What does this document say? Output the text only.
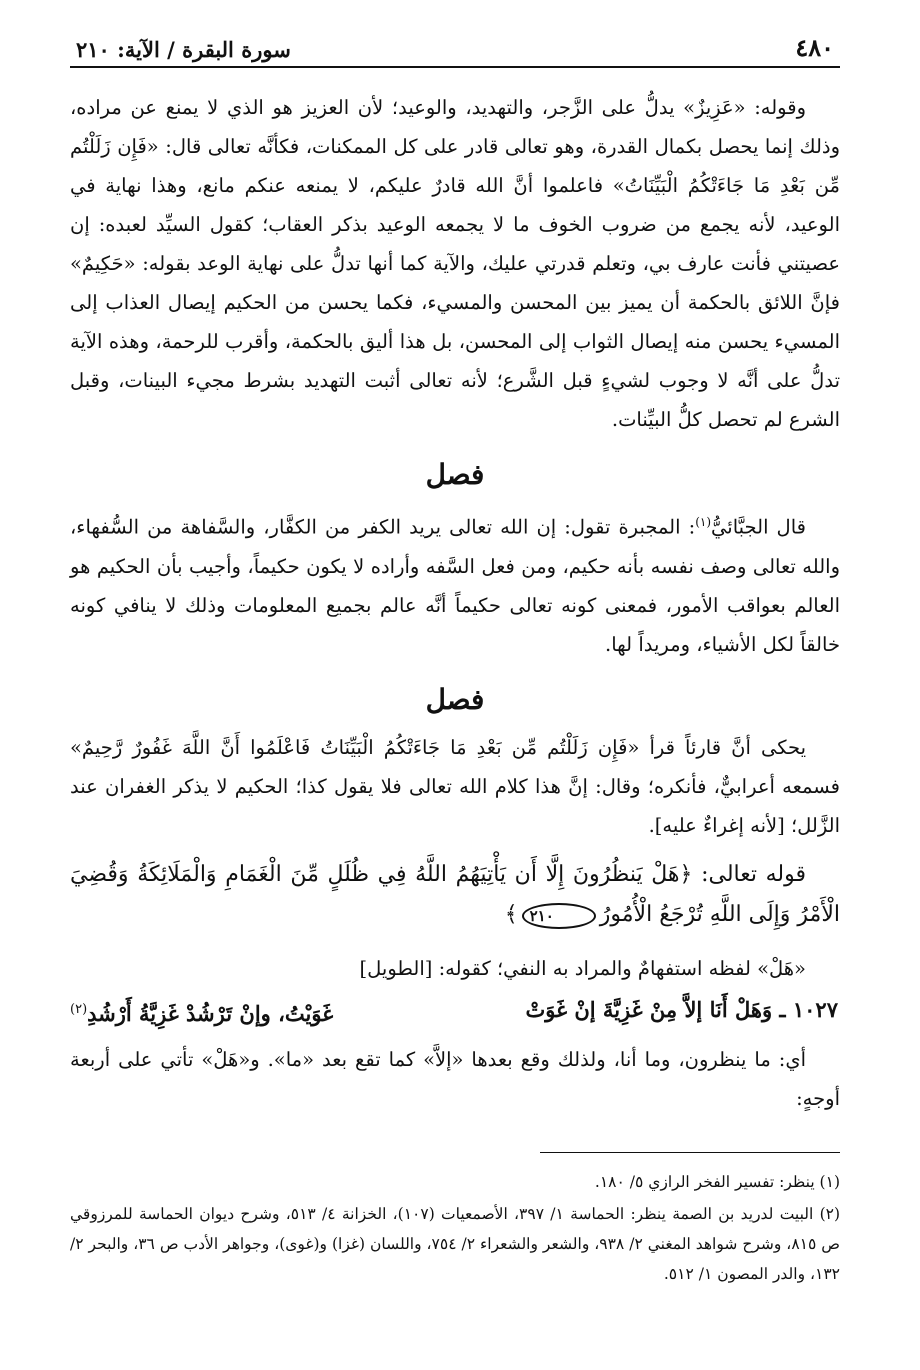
٤٨٠
سورة البقرة / الآية: ٢١٠

وقوله: «عَزِيزٌ» يدلُّ على الزَّجر، والتهديد، والوعيد؛ لأن العزيز هو الذي لا يمنع عن مراده، وذلك إنما يحصل بكمال القدرة، وهو تعالى قادر على كل الممكنات، فكأنَّه تعالى قال: «فَإِن زَلَلْتُم مِّن بَعْدِ مَا جَاءَتْكُمُ الْبَيِّنَاتُ» فاعلموا أنَّ الله قادرٌ عليكم، لا يمنعه عنكم مانع، وهذا نهاية في الوعيد، لأنه يجمع من ضروب الخوف ما لا يجمعه الوعيد بذكر العقاب؛ كقول السيِّد لعبده: إن عصيتني فأنت عارف بي، وتعلم قدرتي عليك، والآية كما أنها تدلُّ على نهاية الوعد بقوله: «حَكِيمٌ» فإنَّ اللائق بالحكمة أن يميز بين المحسن والمسيء، فكما يحسن من الحكيم إيصال العذاب إلى المسيء يحسن منه إيصال الثواب إلى المحسن، بل هذا أليق بالحكمة، وأقرب للرحمة، وهذه الآية تدلُّ على أنَّه لا وجوب لشيءٍ قبل الشَّرع؛ لأنه تعالى أثبت التهديد بشرط مجيء البينات، وقبل الشرع لم تحصل كلُّ البيِّنات.

فصل

قال الجبَّائيُّ$^{(١)}$: المجبرة تقول: إن الله تعالى يريد الكفر من الكفَّار، والسَّفاهة من السُّفهاء، والله تعالى وصف نفسه بأنه حكيم، ومن فعل السَّفه وأراده لا يكون حكيماً، وأجيب بأن الحكيم هو العالم بعواقب الأمور، فمعنى كونه تعالى حكيماً أنَّه عالم بجميع المعلومات وذلك لا ينافي كونه خالقاً لكل الأشياء، ومريداً لها.

فصل

يحكى أنَّ قارئاً قرأ «فَإِن زَلَلْتُم مِّن بَعْدِ مَا جَاءَتْكُمُ الْبَيِّنَاتُ فَاعْلَمُوا أَنَّ اللَّهَ غَفُورٌ رَّحِيمٌ» فسمعه أعرابيٌّ، فأنكره؛ وقال: إنَّ هذا كلام الله تعالى فلا يقول كذا؛ الحكيم لا يذكر الغفران عند الزَّلل؛ [لأنه إغراءٌ عليه].

قوله تعالى: ﴿هَلْ يَنظُرُونَ إِلَّا أَن يَأْتِيَهُمُ اللَّهُ فِي ظُلَلٍ مِّنَ الْغَمَامِ وَالْمَلَائِكَةُ وَقُضِيَ الْأَمْرُ وَإِلَى اللَّهِ تُرْجَعُ الْأُمُورُ٢١٠﴾

«هَلْ» لفظه استفهامٌ والمراد به النفي؛ كقوله: [الطويل]

١٠٢٧ ـ وَهَلْ أَنَا إلاَّ مِنْ غَزِيَّةَ إنْ غَوَتْ
غَوَيْتُ، وإنْ تَرْشُدْ غَزِيَّةُ أَرْشُدِ$^{(٢)}$

أي: ما ينظرون، وما أنا، ولذلك وقع بعدها «إلاَّ» كما تقع بعد «ما». و«هَلْ» تأتي على أربعة أوجهٍ:

(١) ينظر: تفسير الفخر الرازي ٥/ ١٨٠.

(٢) البيت لدريد بن الصمة ينظر: الحماسة ١/ ٣٩٧، الأصمعيات (١٠٧)، الخزانة ٤/ ٥١٣، وشرح ديوان الحماسة للمرزوقي ص ٨١٥، وشرح شواهد المغني ٢/ ٩٣٨، والشعر والشعراء ٢/ ٧٥٤، واللسان (غزا) و(غوى)، وجواهر الأدب ص ٣٦، والبحر ٢/ ١٣٢، والدر المصون ١/ ٥١٢.
